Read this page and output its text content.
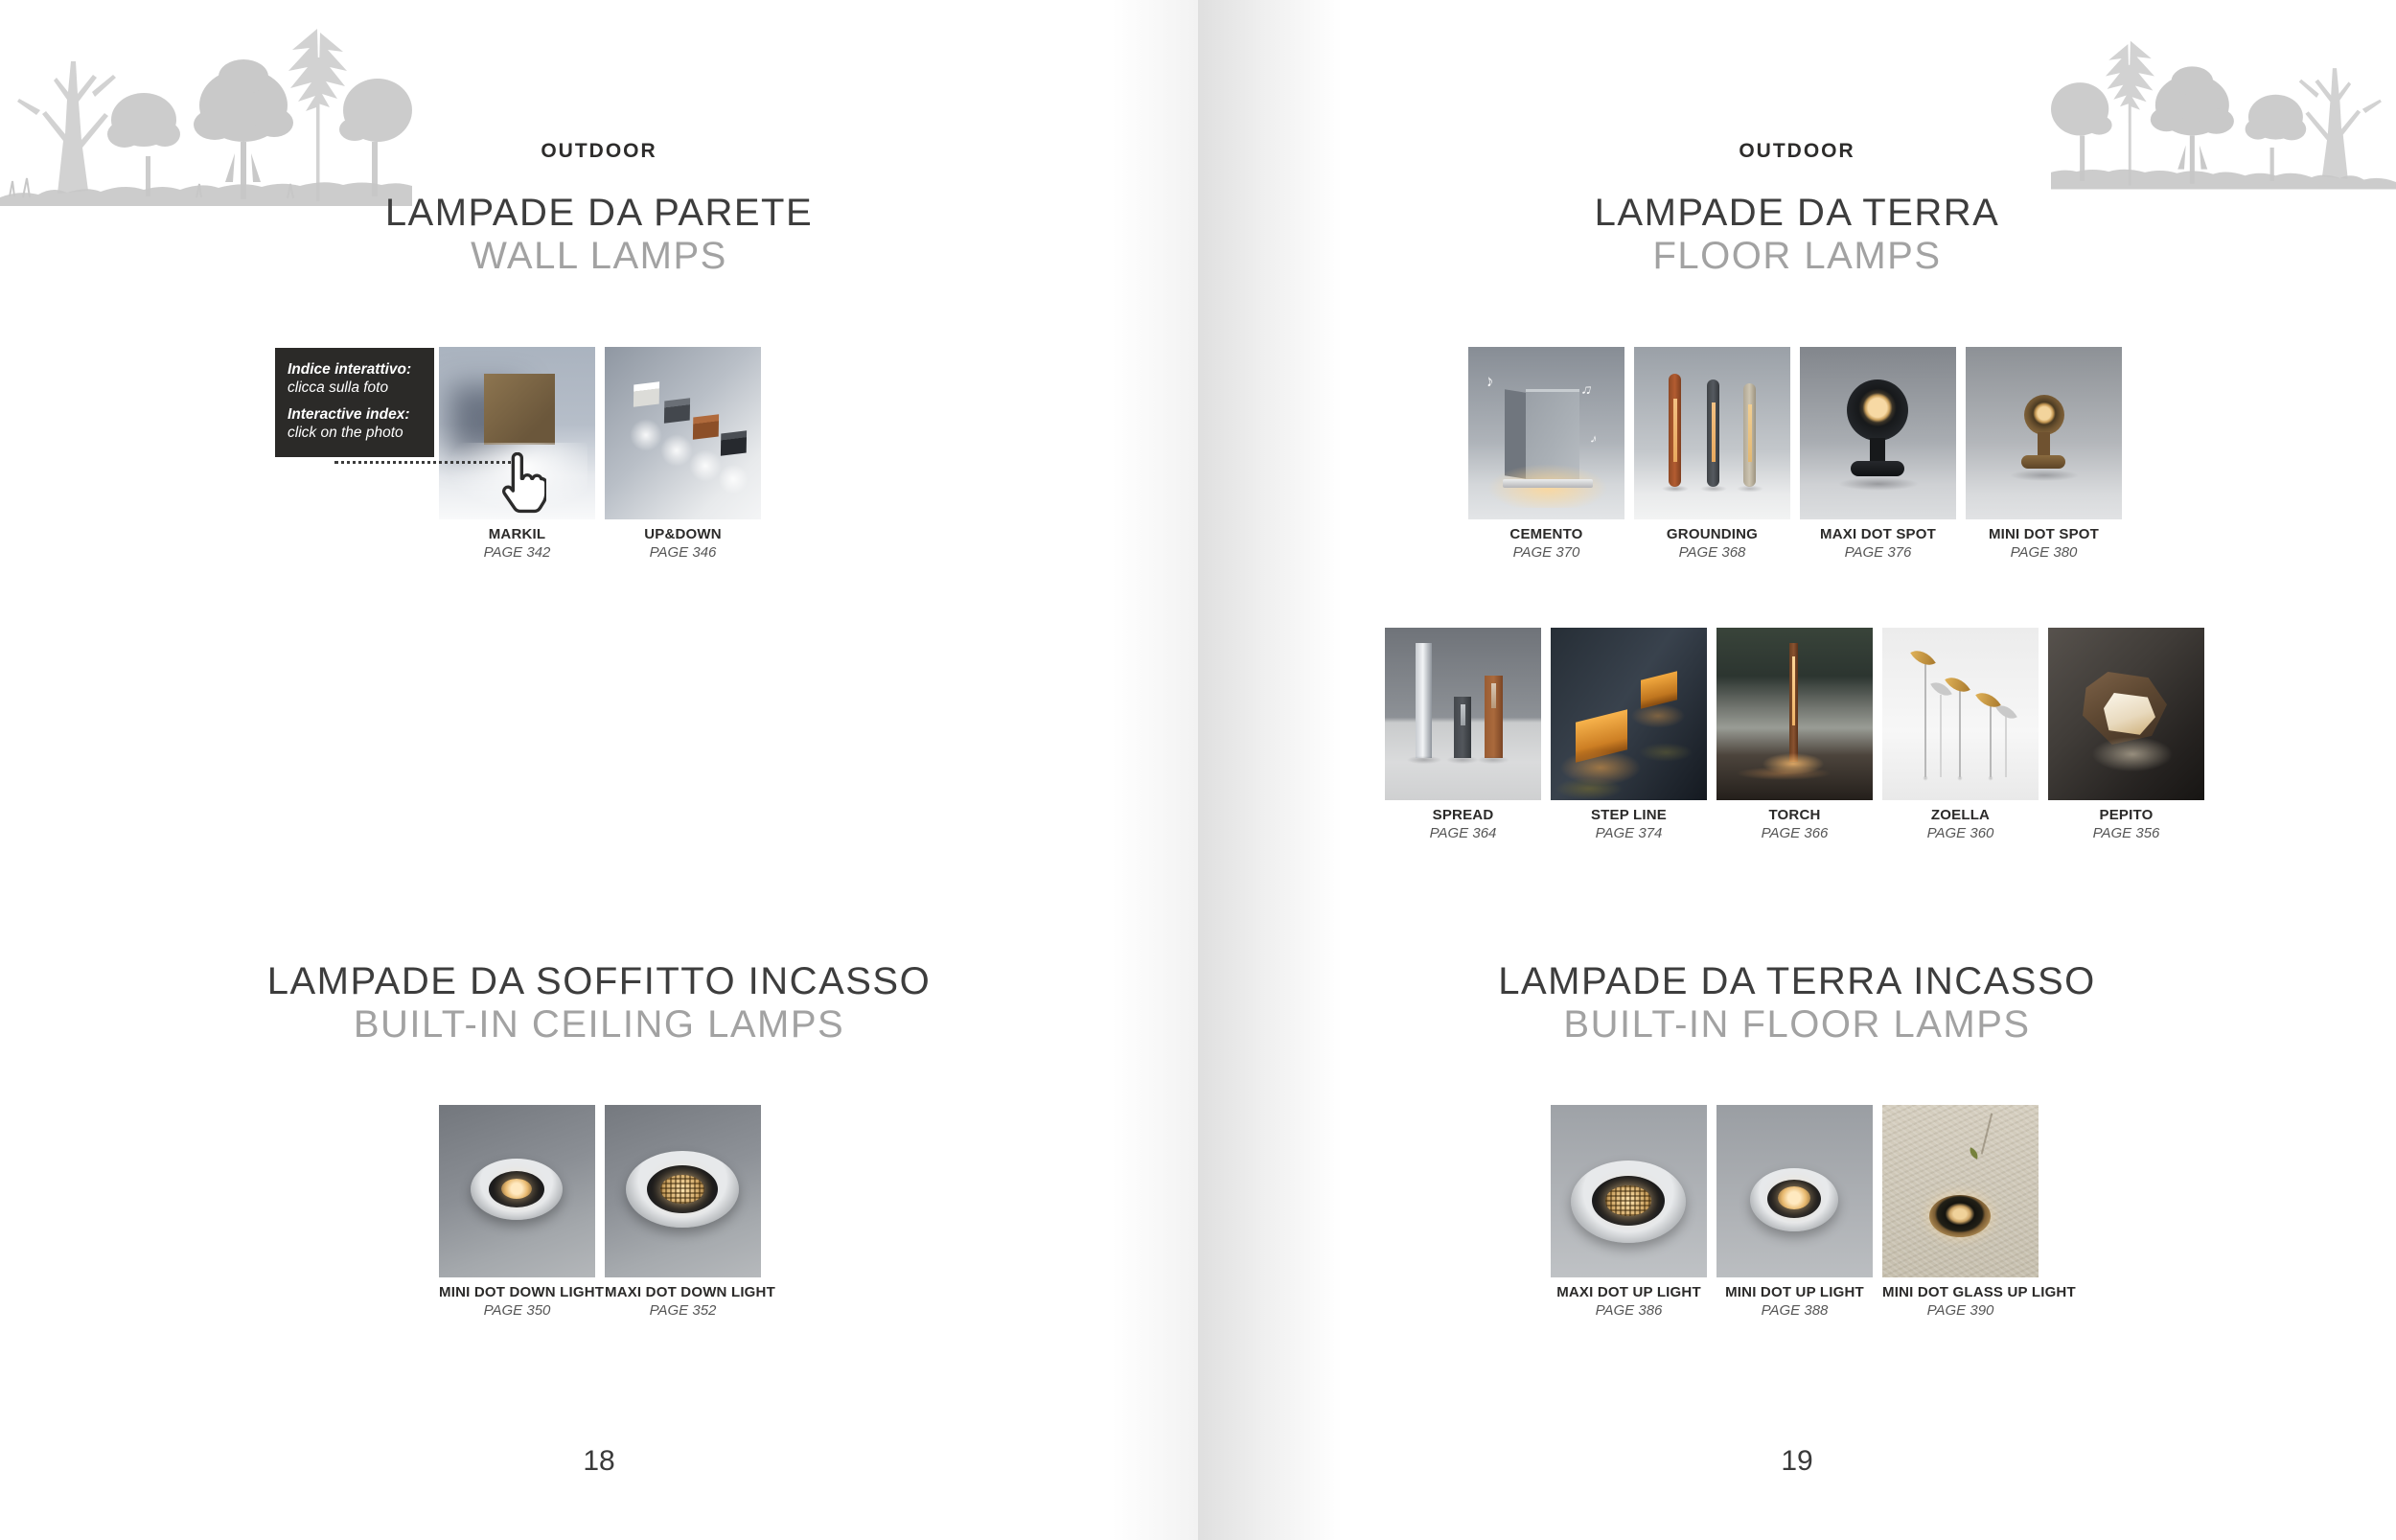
OUTDOOR
LAMPADE DA PARETE
WALL LAMPS
LAMPADE DA SOFFITTO INCASSO
BUILT-IN CEILING LAMPS
18
MARKIL
PAGE 342
UP&DOWN
PAGE 346
Indice interattivo:
clicca sulla foto
Interactive index:
click on the photo
MINI DOT DOWN LIGHT
PAGE 350
MAXI DOT DOWN LIGHT
PAGE 352
OUTDOOR
LAMPADE DA TERRA
FLOOR LAMPS
LAMPADE DA TERRA INCASSO
BUILT-IN FLOOR LAMPS
19
♪	♫
♪
CEMENTO
PAGE 370
GROUNDING
PAGE 368
MAXI DOT SPOT
PAGE 376
MINI DOT SPOT
PAGE 380
SPREAD
PAGE 364
STEP LINE
PAGE 374
TORCH
PAGE 366
ZOELLA
PAGE 360
PEPITO
PAGE 356
MAXI DOT UP LIGHT
PAGE 386
MINI DOT UP LIGHT
PAGE 388
MINI DOT GLASS UP LIGHT
PAGE 390
